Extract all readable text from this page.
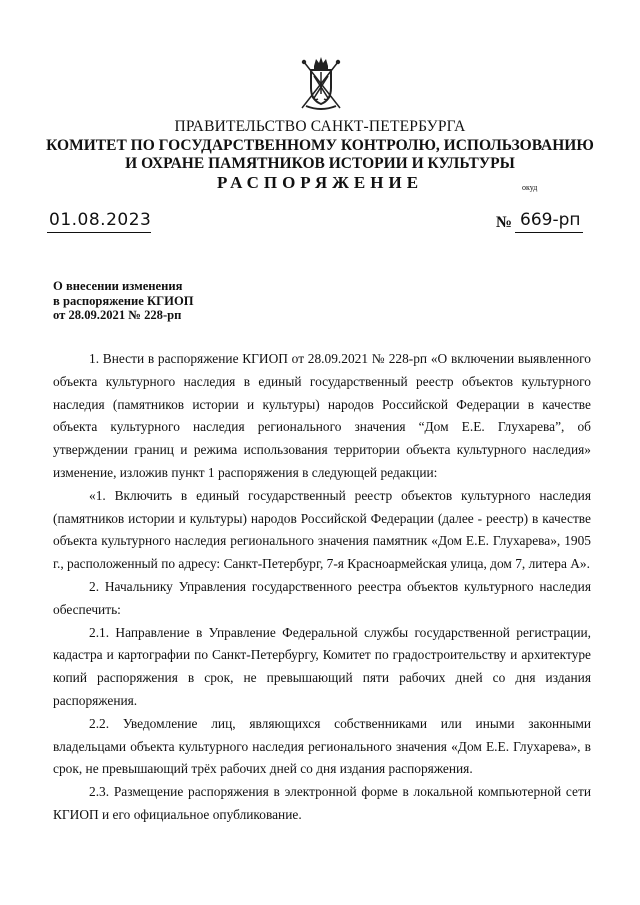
ПРАВИТЕЛЬСТВО САНКТ-ПЕТЕРБУРГА
КОМИТЕТ ПО ГОСУДАРСТВЕННОМУ КОНТРОЛЮ, ИСПОЛЬЗОВАНИЮ
И ОХРАНЕ ПАМЯТНИКОВ ИСТОРИИ И КУЛЬТУРЫ
РАСПОРЯЖЕНИЕ	окуд
01.08.2023	№ 669-рп
О внесении изменения
в распоряжение КГИОП
от 28.09.2021 № 228-рп

1. Внести в распоряжение КГИОП от 28.09.2021 № 228-рп «О включении выявленного объекта культурного наследия в единый государственный реестр объектов культурного наследия (памятников истории и культуры) народов Российской Федерации в качестве объекта культурного наследия регионального значения “Дом Е.Е. Глухарева”, об утверждении границ и режима использования территории объекта культурного наследия» изменение, изложив пункт 1 распоряжения в следующей редакции:

«1. Включить в единый государственный реестр объектов культурного наследия (памятников истории и культуры) народов Российской Федерации (далее - реестр) в качестве объекта культурного наследия регионального значения памятник «Дом Е.Е. Глухарева», 1905 г., расположенный по адресу: Санкт-Петербург, 7-я Красноармейская улица, дом 7, литера А».

2. Начальнику Управления государственного реестра объектов культурного наследия обеспечить:

2.1. Направление в Управление Федеральной службы государственной регистрации, кадастра и картографии по Санкт-Петербургу, Комитет по градостроительству и архитектуре копий распоряжения в срок, не превышающий пяти рабочих дней со дня издания распоряжения.

2.2. Уведомление лиц, являющихся собственниками или иными законными владельцами объекта культурного наследия регионального значения «Дом Е.Е. Глухарева», в срок, не превышающий трёх рабочих дней со дня издания распоряжения.

2.3. Размещение распоряжения в электронной форме в локальной компьютерной сети КГИОП и его официальное опубликование.
